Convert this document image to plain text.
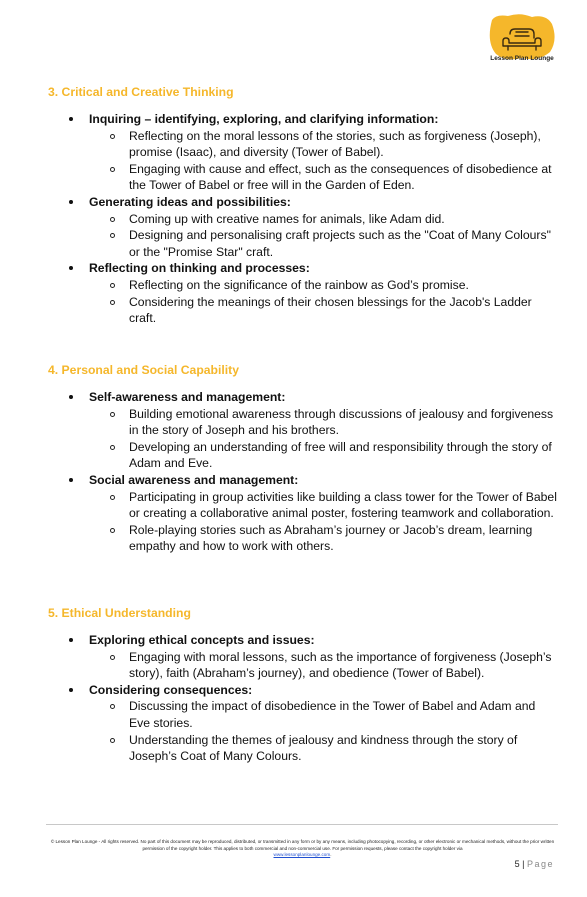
Lesson Plan Lounge
3. Critical and Creative Thinking
Inquiring – identifying, exploring, and clarifying information:
Reflecting on the moral lessons of the stories, such as forgiveness (Joseph), promise (Isaac), and diversity (Tower of Babel).
Engaging with cause and effect, such as the consequences of disobedience at the Tower of Babel or free will in the Garden of Eden.
Generating ideas and possibilities:
Coming up with creative names for animals, like Adam did.
Designing and personalising craft projects such as the "Coat of Many Colours" or the "Promise Star" craft.
Reflecting on thinking and processes:
Reflecting on the significance of the rainbow as God’s promise.
Considering the meanings of their chosen blessings for the Jacob's Ladder craft.
4. Personal and Social Capability
Self-awareness and management:
Building emotional awareness through discussions of jealousy and forgiveness in the story of Joseph and his brothers.
Developing an understanding of free will and responsibility through the story of Adam and Eve.
Social awareness and management:
Participating in group activities like building a class tower for the Tower of Babel or creating a collaborative animal poster, fostering teamwork and collaboration.
Role-playing stories such as Abraham’s journey or Jacob’s dream, learning empathy and how to work with others.
5. Ethical Understanding
Exploring ethical concepts and issues:
Engaging with moral lessons, such as the importance of forgiveness (Joseph’s story), faith (Abraham’s journey), and obedience (Tower of Babel).
Considering consequences:
Discussing the impact of disobedience in the Tower of Babel and Adam and Eve stories.
Understanding the themes of jealousy and kindness through the story of Joseph’s Coat of Many Colours.
© Lesson Plan Lounge - All rights reserved. No part of this document may be reproduced, distributed, or transmitted in any form or by any means, including photocopying, recording, or other electronic or mechanical methods, without the prior written permission of the copyright holder. This applies to both commercial and non-commercial use. For permission requests, please contact the copyright holder via
www.lessonplanlounge.com.
5 | Page
